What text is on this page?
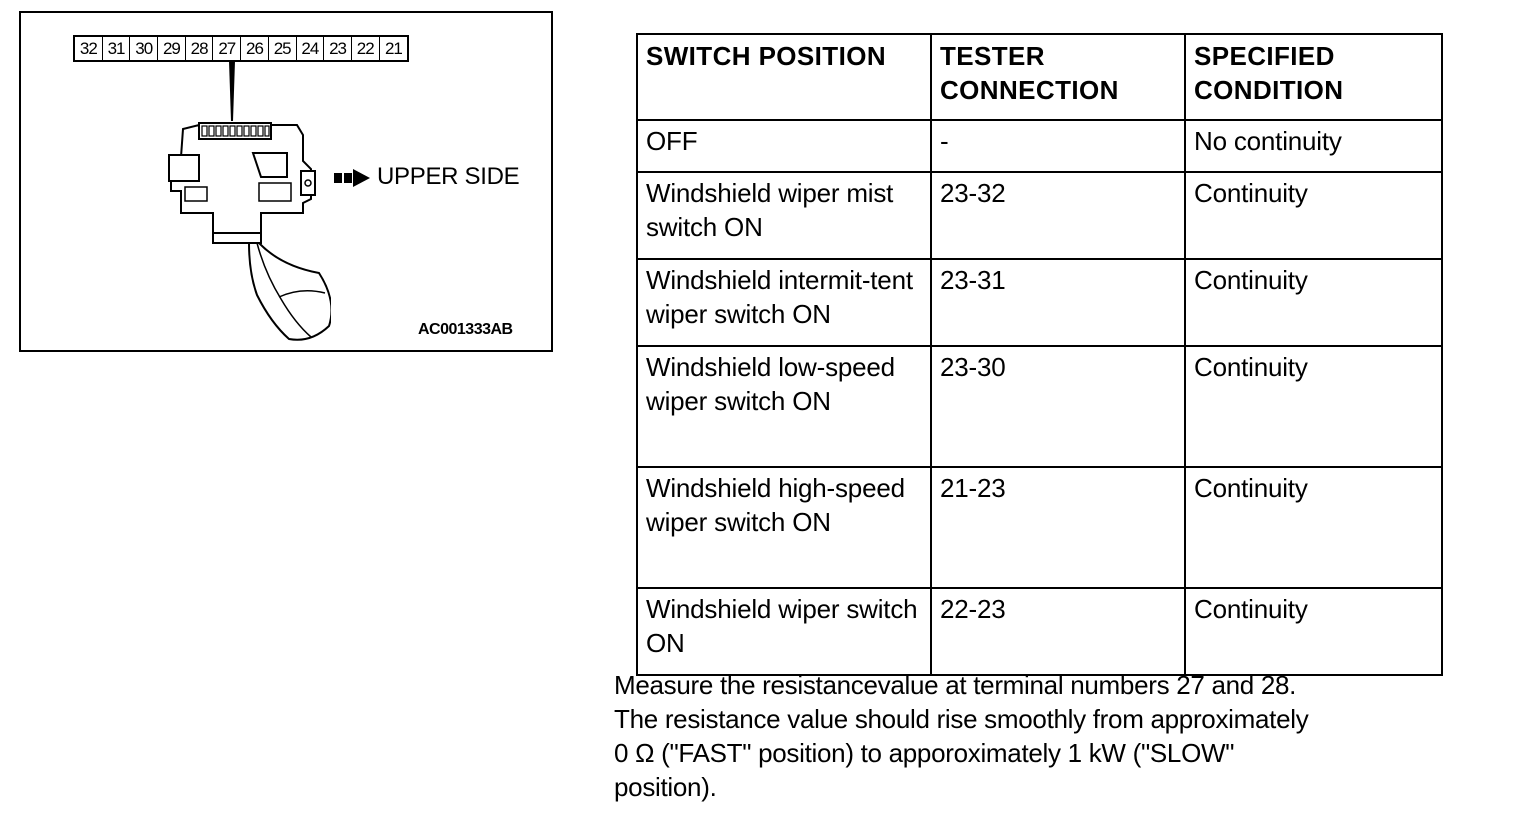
32 31 30 29 28 27 26 25 24 23 22 21
UPPER SIDE
AC001333AB
SWITCH POSITION	TESTER CONNECTION	SPECIFIED CONDITION
OFF	-	No continuity
Windshield wiper mist switch ON	23-32	Continuity
Windshield intermit-tent wiper switch ON	23-31	Continuity
Windshield low-speed wiper switch ON	23-30	Continuity
Windshield high-speed wiper switch ON	21-23	Continuity
Windshield wiper switch ON	22-23	Continuity

Measure the resistancevalue at terminal numbers 27 and 28.

The resistance value should rise smoothly from approximately

0 Ω ("FAST" position) to apporoximately 1 kW ("SLOW"

position).
